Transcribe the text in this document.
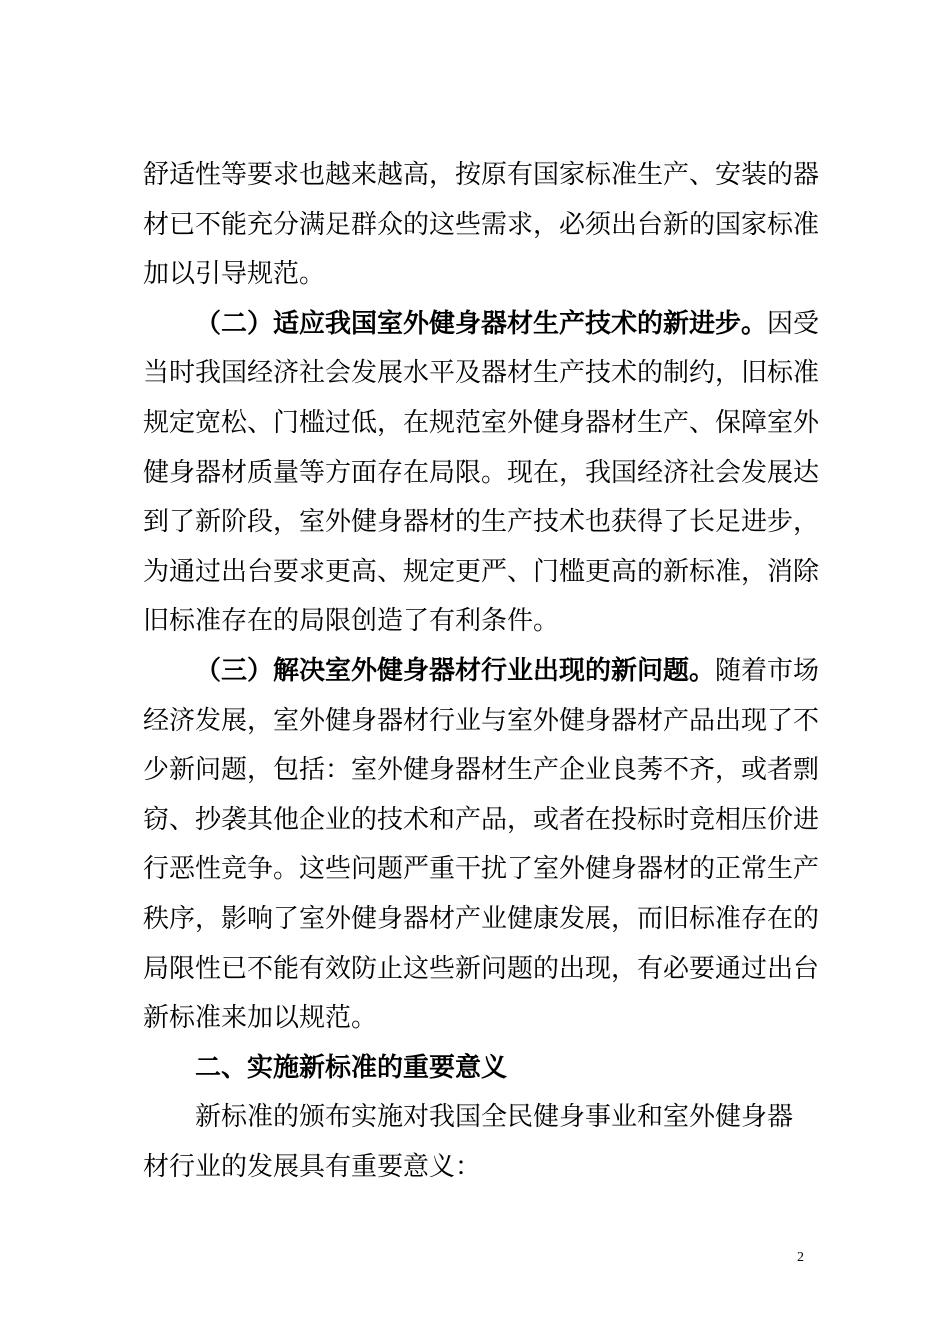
舒适性等要求也越来越高，按原有国家标准生产、安装的器
材已不能充分满足群众的这些需求，必须出台新的国家标准
加以引导规范。
（二）适应我国室外健身器材生产技术的新进步。因受
当时我国经济社会发展水平及器材生产技术的制约，旧标准
规定宽松、门槛过低，在规范室外健身器材生产、保障室外
健身器材质量等方面存在局限。现在，我国经济社会发展达
到了新阶段，室外健身器材的生产技术也获得了长足进步，
为通过出台要求更高、规定更严、门槛更高的新标准，消除
旧标准存在的局限创造了有利条件。
（三）解决室外健身器材行业出现的新问题。随着市场
经济发展，室外健身器材行业与室外健身器材产品出现了不
少新问题，包括：室外健身器材生产企业良莠不齐，或者剽
窃、抄袭其他企业的技术和产品，或者在投标时竞相压价进
行恶性竞争。这些问题严重干扰了室外健身器材的正常生产
秩序，影响了室外健身器材产业健康发展，而旧标准存在的
局限性已不能有效防止这些新问题的出现，有必要通过出台
新标准来加以规范。
二、实施新标准的重要意义
新标准的颁布实施对我国全民健身事业和室外健身器
材行业的发展具有重要意义：
2
